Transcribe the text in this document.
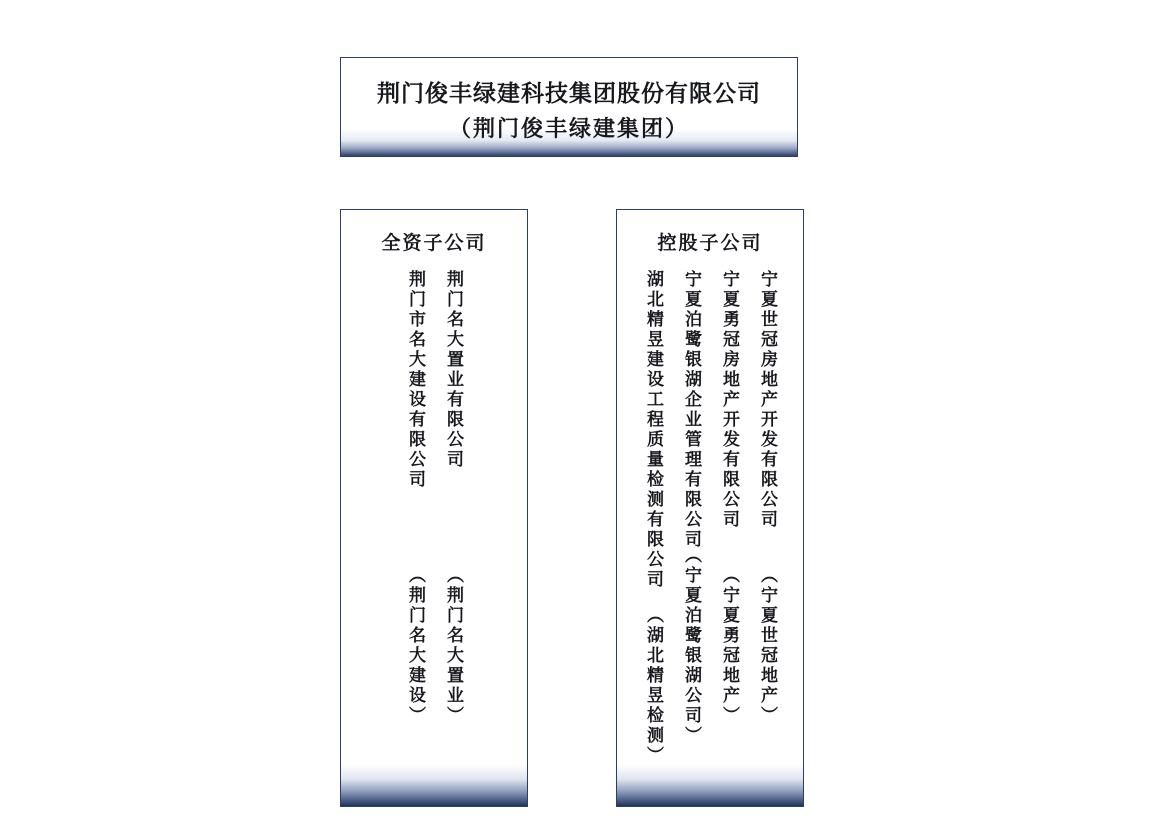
荆门俊丰绿建科技集团股份有限公司
（荆门俊丰绿建集团）
全资子公司
荆门名大置业有限公司
（荆门名大置业）
荆门市名大建设有限公司
（荆门名大建设）
控股子公司
宁夏世冠房地产开发有限公司
（宁夏世冠地产）
宁夏勇冠房地产开发有限公司
（宁夏勇冠地产）
宁夏泊鹭银湖企业管理有限公司
（宁夏泊鹭银湖公司）
湖北精昱建设工程质量检测有限公司
（湖北精昱检测）
